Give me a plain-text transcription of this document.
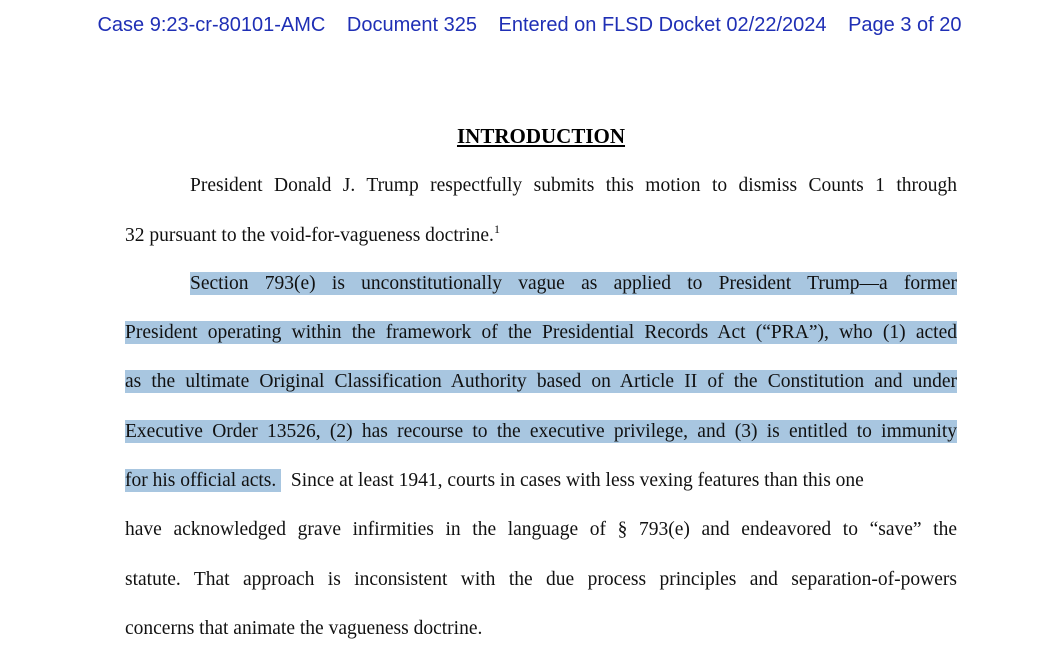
Case 9:23-cr-80101-AMC Document 325 Entered on FLSD Docket 02/22/2024 Page 3 of 20
INTRODUCTION
President Donald J. Trump respectfully submits this motion to dismiss Counts 1 through
32 pursuant to the void-for-vagueness doctrine.$^1$
Section 793(e) is unconstitutionally vague as applied to President Trump—a former
President operating within the framework of the Presidential Records Act (“PRA”), who (1) acted
as the ultimate Original Classification Authority based on Article II of the Constitution and under
Executive Order 13526, (2) has recourse to the executive privilege, and (3) is entitled to immunity
for his official acts. Since at least 1941, courts in cases with less vexing features than this one
have acknowledged grave infirmities in the language of § 793(e) and endeavored to “save” the
statute. That approach is inconsistent with the due process principles and separation-of-powers
concerns that animate the vagueness doctrine.
